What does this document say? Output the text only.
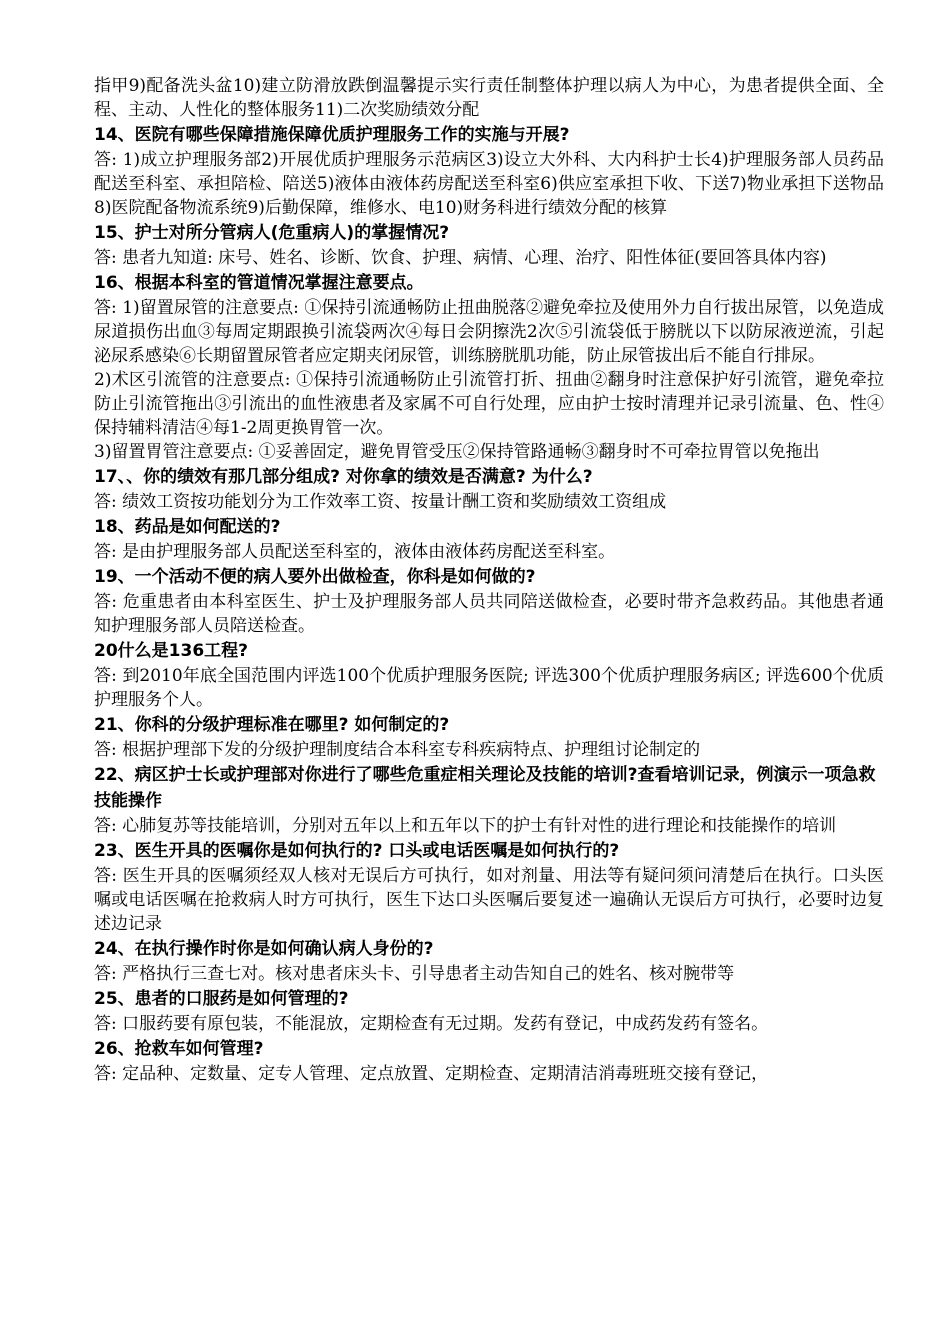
指甲9)配备洗头盆10)建立防滑放跌倒温馨提示实行责任制整体护理以病人为中心，为患者提供全面、全程、主动、人性化的整体服务11)二次奖励绩效分配

14、医院有哪些保障措施保障优质护理服务工作的实施与开展?

答: 1)成立护理服务部2)开展优质护理服务示范病区3)设立大外科、大内科护士长4)护理服务部人员药品配送至科室、承担陪检、陪送5)液体由液体药房配送至科室6)供应室承担下收、下送7)物业承担下送物品8)医院配备物流系统9)后勤保障，维修水、电10)财务科进行绩效分配的核算

15、护士对所分管病人(危重病人)的掌握情况?

答: 患者九知道: 床号、姓名、诊断、饮食、护理、病情、心理、治疗、阳性体征(要回答具体内容)

16、根据本科室的管道情况掌握注意要点。

答: 1)留置尿管的注意要点: ①保持引流通畅防止扭曲脱落②避免牵拉及使用外力自行拔出尿管，以免造成尿道损伤出血③每周定期跟换引流袋两次④每日会阴擦洗2次⑤引流袋低于膀胱以下以防尿液逆流，引起泌尿系感染⑥长期留置尿管者应定期夹闭尿管，训练膀胱肌功能，防止尿管拔出后不能自行排尿。
2)术区引流管的注意要点: ①保持引流通畅防止引流管打折、扭曲②翻身时注意保护好引流管，避免牵拉防止引流管拖出③引流出的血性液患者及家属不可自行处理，应由护士按时清理并记录引流量、色、性④保持辅料清洁④每1-2周更换胃管一次。
3)留置胃管注意要点: ①妥善固定，避免胃管受压②保持管路通畅③翻身时不可牵拉胃管以免拖出

17、、你的绩效有那几部分组成? 对你拿的绩效是否满意? 为什么?

答: 绩效工资按功能划分为工作效率工资、按量计酬工资和奖励绩效工资组成

18、药品是如何配送的?

答: 是由护理服务部人员配送至科室的，液体由液体药房配送至科室。

19、一个活动不便的病人要外出做检查，你科是如何做的?

答: 危重患者由本科室医生、护士及护理服务部人员共同陪送做检查，必要时带齐急救药品。其他患者通知护理服务部人员陪送检查。

20什么是136工程?

答: 到2010年底全国范围内评选100个优质护理服务医院; 评选300个优质护理服务病区; 评选600个优质护理服务个人。

21、你科的分级护理标准在哪里? 如何制定的?

答: 根据护理部下发的分级护理制度结合本科室专科疾病特点、护理组讨论制定的

22、病区护士长或护理部对你进行了哪些危重症相关理论及技能的培训?查看培训记录，例演示一项急救技能操作

答: 心肺复苏等技能培训，分别对五年以上和五年以下的护士有针对性的进行理论和技能操作的培训

23、医生开具的医嘱你是如何执行的? 口头或电话医嘱是如何执行的?

答: 医生开具的医嘱须经双人核对无误后方可执行，如对剂量、用法等有疑问须问清楚后在执行。口头医嘱或电话医嘱在抢救病人时方可执行，医生下达口头医嘱后要复述一遍确认无误后方可执行，必要时边复述边记录

24、在执行操作时你是如何确认病人身份的?

答: 严格执行三查七对。核对患者床头卡、引导患者主动告知自己的姓名、核对腕带等

25、患者的口服药是如何管理的?

答: 口服药要有原包装，不能混放，定期检查有无过期。发药有登记，中成药发药有签名。

26、抢救车如何管理?

答: 定品种、定数量、定专人管理、定点放置、定期检查、定期清洁消毒班班交接有登记，
